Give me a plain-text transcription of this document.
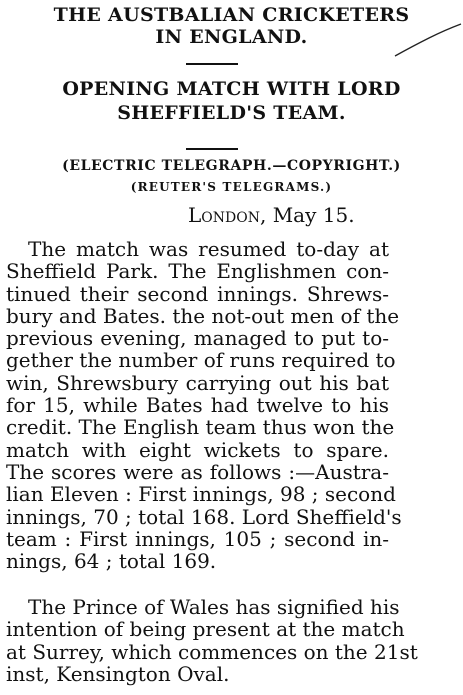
THE AUSTBALIAN CRICKETERS
IN ENGLAND.
OPENING MATCH WITH LORD
SHEFFIELD'S TEAM.
(ELECTRIC TELEGRAPH.—COPYRIGHT.)
(REUTER'S TELEGRAMS.)
London, May 15.
The match was resumed to-day at
Sheffield Park. The Englishmen con-
tinued their second innings. Shrews-
bury and Bates. the not-out men of the
previous evening, managed to put to-
gether the number of runs required to
win, Shrewsbury carrying out his bat
for 15, while Bates had twelve to his
credit. The English team thus won the
match with eight wickets to spare.
The scores were as follows :—Austra-
lian Eleven : First innings, 98 ; second
innings, 70 ; total 168. Lord Sheffield's
team : First innings, 105 ; second in-
nings, 64 ; total 169.
The Prince of Wales has signified his
intention of being present at the match
at Surrey, which commences on the 21st
inst, Kensington Oval.
